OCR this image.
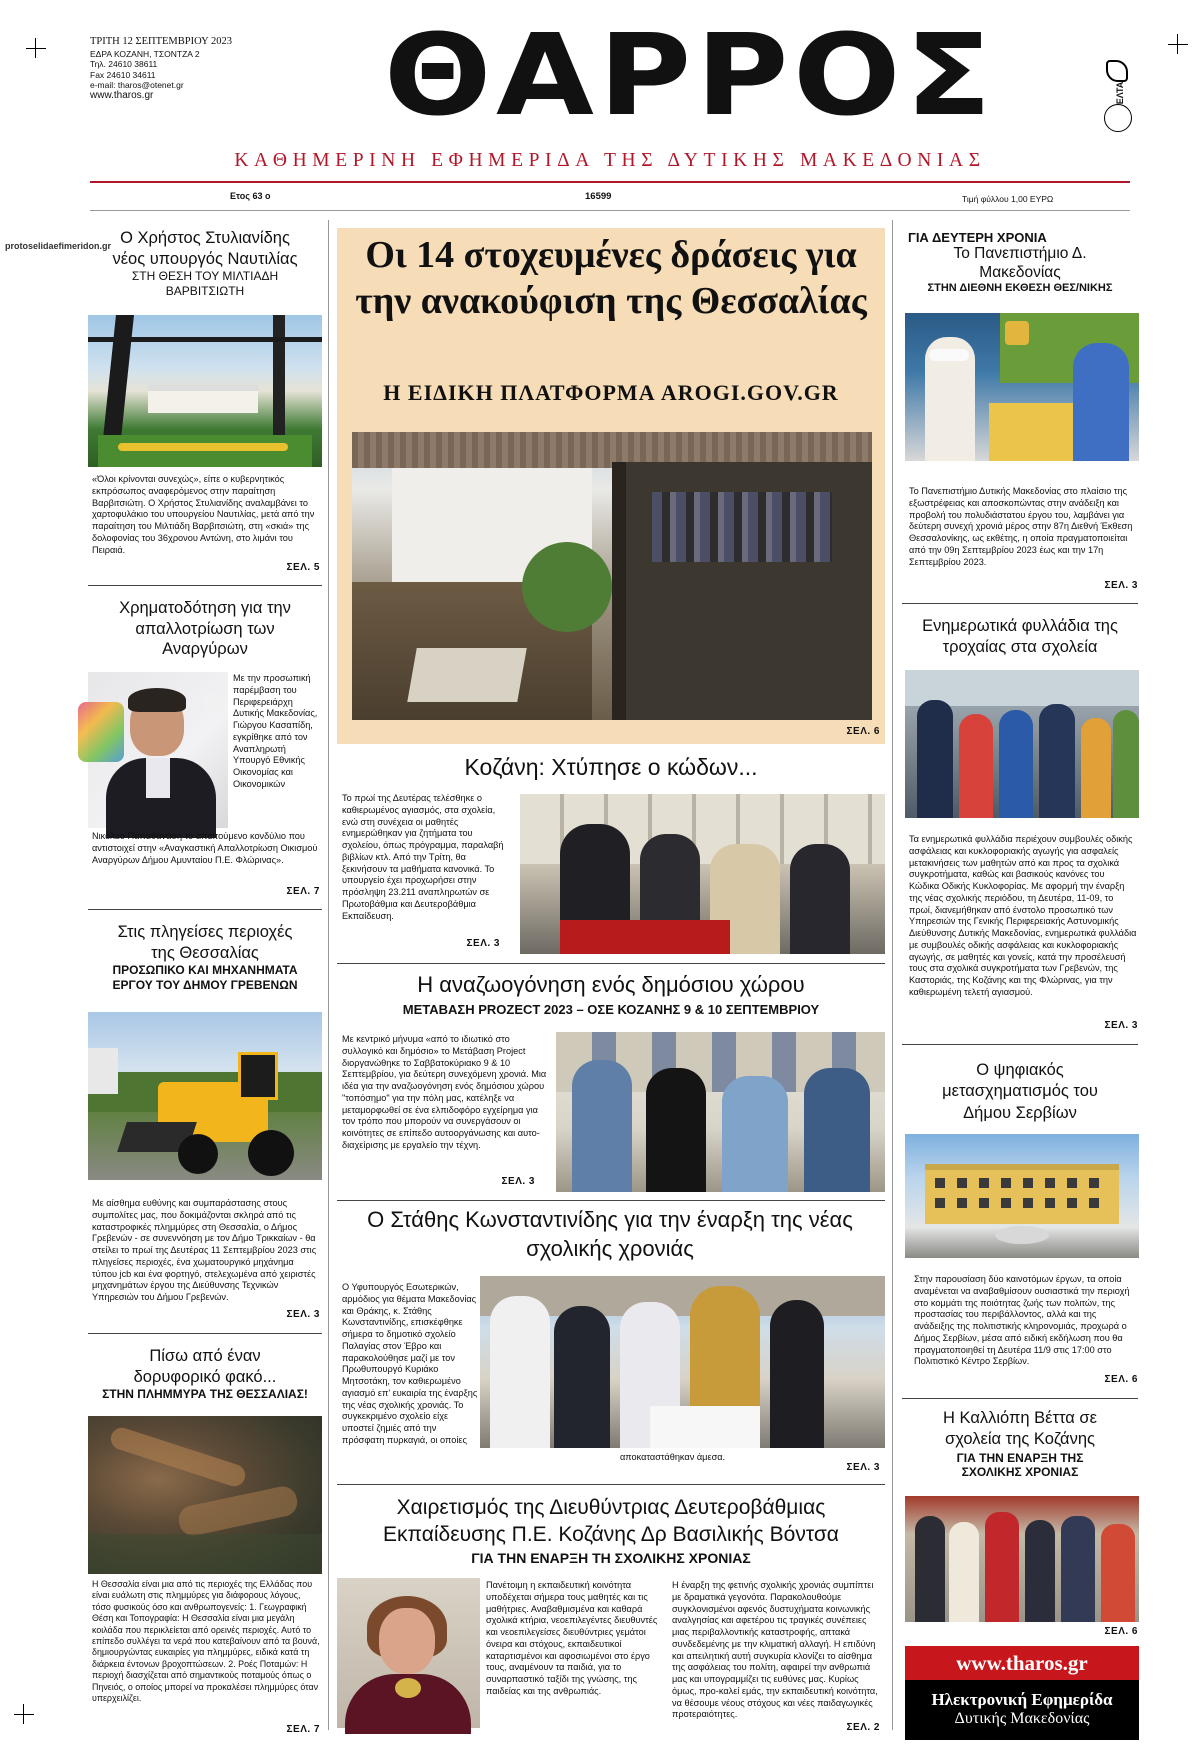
ΤΡΙΤΗ 12 ΣΕΠΤΕΜΒΡΙΟΥ 2023
ΕΔΡΑ ΚΟΖΑΝΗ, ΤΣΟΝΤΖΑ 2
Τηλ. 24610 38611
Fax 24610 34611
e-mail: tharos@otenet.gr
www.tharos.gr	ΘΑΡΡΟΣ	ΕΛΤΑ
ΚΑΘΗΜΕΡΙΝΗ ΕΦΗΜΕΡΙΔΑ ΤΗΣ ΔΥΤΙΚΗΣ ΜΑΚΕΔΟΝΙΑΣ
Ετος 63 ο	16599	Τιμή φύλλου 1,00 ΕΥΡΩ
protoselidaefimeridon.gr Ο Χρήστος Στυλιανίδης νέος υπουργός Ναυτιλίας
ΣΤΗ ΘΕΣΗ ΤΟΥ ΜΙΛΤΙΑΔΗ ΒΑΡΒΙΤΣΙΩΤΗ
«Όλοι κρίνονται συνεχώς», είπε ο κυβερνητικός εκπρόσωπος αναφερόμενος στην παραίτηση Βαρβιτσιώτη. Ο Χρήστος Στυλιανίδης αναλαμβάνει το χαρτοφυλάκιο του υπουργείου Ναυτιλίας, μετά από την παραίτηση του Μιλτιάδη Βαρβιτσιώτη, στη «σκιά» της δολοφονίας του 36χρονου Αντώνη, στο λιμάνι του Πειραιά.
ΣΕΛ. 5
Χρηματοδότηση για την απαλλοτρίωση των Αναργύρων
Με την προσωπική παρέμβαση του Περιφερειάρχη Δυτικής Μακεδονίας, Γιώργου Κασαπίδη, εγκρίθηκε από τον Αναπληρωτή Υπουργό Εθνικής Οικονομίας και Οικονομικών
Νικόλαο Παπαθανάση το απαιτούμενο κονδύλιο που αντιστοιχεί στην «Αναγκαστική Απαλλοτρίωση Οικισμού Αναργύρων Δήμου Αμυνταίου Π.Ε. Φλώρινας».
ΣΕΛ. 7
Στις πληγείσες περιοχές της Θεσσαλίας
ΠΡΟΣΩΠΙΚΟ ΚΑΙ ΜΗΧΑΝΗΜΑΤΑ ΕΡΓΟΥ ΤΟΥ ΔΗΜΟΥ ΓΡΕΒΕΝΩΝ
Με αίσθημα ευθύνης και συμπαράστασης στους συμπολίτες μας, που δοκιμάζονται σκληρά από τις καταστροφικές πλημμύρες στη Θεσσαλία, ο Δήμος Γρεβενών - σε συνεννόηση με τον Δήμο Τρικκαίων - θα στείλει το πρωί της Δευτέρας 11 Σεπτεμβρίου 2023 στις πληγείσες περιοχές, ένα χωματουργικό μηχάνημα τύπου jcb και ένα φορτηγό, στελεχωμένα από χειριστές μηχανημάτων έργου της Διεύθυνσης Τεχνικών Υπηρεσιών του Δήμου Γρεβενών.
ΣΕΛ. 3
Πίσω από έναν δορυφορικό φακό...
ΣΤΗΝ ΠΛΗΜΜΥΡΑ ΤΗΣ ΘΕΣΣΑΛΙΑΣ!
Η Θεσσαλία είναι μια από τις περιοχές της Ελλάδας που είναι ευάλωτη στις πλημμύρες για διάφορους λόγους, τόσο φυσικούς όσο και ανθρωπογενείς: 1. Γεωγραφική Θέση και Τοπογραφία: Η Θεσσαλία είναι μια μεγάλη κοιλάδα που περικλείεται από ορεινές περιοχές. Αυτό το επίπεδο συλλέγει τα νερά που κατεβαίνουν από τα βουνά, δημιουργώντας ευκαιρίες για πλημμύρες, ειδικά κατά τη διάρκεια έντονων βροχοπτώσεων. 2. Ροές Ποταμών: Η περιοχή διασχίζεται από σημαντικούς ποταμούς όπως ο Πηνειός, ο οποίος μπορεί να προκαλέσει πλημμύρες όταν υπερχειλίζει.
ΣΕΛ. 7
Οι 14 στοχευμένες δράσεις για την ανακούφιση της Θεσσαλίας
Η ΕΙΔΙΚΗ ΠΛΑΤΦΟΡΜΑ AROGI.GOV.GR
ΣΕΛ. 6
Κοζάνη: Χτύπησε ο κώδων...
Το πρωί της Δευτέρας τελέσθηκε ο καθιερωμένος αγιασμός, στα σχολεία, ενώ στη συνέχεια οι μαθητές ενημερώθηκαν για ζητήματα του σχολείου, όπως πρόγραμμα, παραλαβή βιβλίων κτλ. Από την Τρίτη, θα ξεκινήσουν τα μαθήματα κανονικά. Το υπουργείο έχει προχωρήσει στην πρόσληψη 23.211 αναπληρωτών σε Πρωτοβάθμια και Δευτεροβάθμια Εκπαίδευση.
ΣΕΛ. 3
Η αναζωογόνηση ενός δημόσιου χώρου
ΜΕΤΑΒΑΣΗ PROZECT 2023 – ΟΣΕ ΚΟΖΑΝΗΣ 9 & 10 ΣΕΠΤΕΜΒΡΙΟΥ
Με κεντρικό μήνυμα «από το ιδιωτικό στο συλλογικό και δημόσιο» το Μετάβαση Project διοργανώθηκε το Σαββατοκύριακο 9 & 10 Σεπτεμβρίου, για δεύτερη συνεχόμενη χρονιά. Μια ιδέα για την αναζωογόνηση ενός δημόσιου χώρου "τοπόσημο" για την πόλη μας, κατέληξε να μεταμορφωθεί σε ένα ελπιδοφόρο εγχείρημα για τον τρόπο που μπορούν να συνεργάσουν οι κοινότητες σε επίπεδο αυτοοργάνωσης και αυτο- διαχείρισης με εργαλείο την τέχνη.
ΣΕΛ. 3
Ο Στάθης Κωνσταντινίδης για την έναρξη της νέας σχολικής χρονιάς
Ο Υφυπουργός Εσωτερικών, αρμόδιος για θέματα Μακεδονίας και Θράκης, κ. Στάθης Κωνσταντινίδης, επισκέφθηκε σήμερα το δημοτικό σχολείο Παλαγίας στον Έβρο και παρακολούθησε μαζί με τον Πρωθυπουργό Κυριάκο Μητσοτάκη, τον καθιερωμένο αγιασμό επ' ευκαιρία της έναρξης της νέας σχολικής χρονιάς. Το συγκεκριμένο σχολείο είχε υποστεί ζημιές από την πρόσφατη πυρκαγιά, οι οποίες
αποκαταστάθηκαν άμεσα.
ΣΕΛ. 3
Χαιρετισμός της Διευθύντριας Δευτεροβάθμιας Εκπαίδευσης Π.Ε. Κοζάνης Δρ Βασιλικής Βόντσα
ΓΙΑ ΤΗΝ ΕΝΑΡΞΗ ΤΗ ΣΧΟΛΙΚΗΣ ΧΡΟΝΙΑΣ
Πανέτοιμη η εκπαιδευτική κοινότητα υποδέχεται σήμερα τους μαθητές και τις μαθήτριες. Αναβαθμισμένα και καθαρά σχολικά κτήρια, νεοεπιλεγέντες διευθυντές και νεοεπιλεγείσες διευθύντριες γεμάτοι όνειρα και στόχους, εκπαιδευτικοί καταρτισμένοι και αφοσιωμένοι στο έργο τους, αναμένουν τα παιδιά, για το συναρπαστικό ταξίδι της γνώσης, της παιδείας και της ανθρωπιάς.
Η έναρξη της φετινής σχολικής χρονιάς συμπίπτει με δραματικά γεγονότα. Παρακολουθούμε συγκλονισμένοι αφενός δυστυχήματα κοινωνικής αναλγησίας και αφετέρου τις τραγικές συνέπειες μιας περιβαλλοντικής καταστροφής, απτακά συνδεδεμένης με την κλιματική αλλαγή. Η επιδύνη και απειλητική αυτή συγκυρία κλονίζει το αίσθημα της ασφάλειας του πολίτη, αφαιρεί την ανθρωπιά μας και υπογραμμίζει τις ευθύνες μας. Κυρίως όμως, προ-καλεί εμάς, την εκπαιδευτική κοινότητα, να θέσουμε νέους στόχους και νέες παιδαγωγικές προτεραιότητες.
ΣΕΛ. 2
ΓΙΑ ΔΕΥΤΕΡΗ ΧΡΟΝΙΑ
Το Πανεπιστήμιο Δ. Μακεδονίας
ΣΤΗΝ ΔΙΕΘΝΗ ΕΚΘΕΣΗ ΘΕΣ/ΝΙΚΗΣ
Το Πανεπιστήμιο Δυτικής Μακεδονίας στο πλαίσιο της εξωστρέφειας και αποσκοπώντας στην ανάδειξη και προβολή του πολυδιάστατου έργου του, λαμβάνει για δεύτερη συνεχή χρονιά μέρος στην 87η Διεθνή Έκθεση Θεσσαλονίκης, ως εκθέτης, η οποία πραγματοποιείται από την 09η Σεπτεμβρίου 2023 έως και την 17η Σεπτεμβρίου 2023.
ΣΕΛ. 3
Ενημερωτικά φυλλάδια της τροχαίας στα σχολεία
Τα ενημερωτικά φυλλάδια περιέχουν συμβουλές οδικής ασφάλειας και κυκλοφοριακής αγωγής για ασφαλείς μετακινήσεις των μαθητών από και προς τα σχολικά συγκροτήματα, καθώς και βασικούς κανόνες του Κώδικα Οδικής Κυκλοφορίας. Με αφορμή την έναρξη της νέας σχολικής περιόδου, τη Δευτέρα, 11-09, το πρωί, διανεμήθηκαν από ένστολο προσωπικό των Υπηρεσιών της Γενικής Περιφερειακής Αστυνομικής Διεύθυνσης Δυτικής Μακεδονίας, ενημερωτικά φυλλάδια με συμβουλές οδικής ασφάλειας και κυκλοφοριακής αγωγής, σε μαθητές και γονείς, κατά την προσέλευσή τους στα σχολικά συγκροτήματα των Γρεβενών, της Καστοριάς, της Κοζάνης και της Φλώρινας, για την καθιερωμένη τελετή αγιασμού.
ΣΕΛ. 3
Ο ψηφιακός μετασχηματισμός του Δήμου Σερβίων
Στην παρουσίαση δύο καινοτόμων έργων, τα οποία αναμένεται να αναβαθμίσουν ουσιαστικά την περιοχή στο κομμάτι της ποιότητας ζωής των πολιτών, της προστασίας του περιβάλλοντος, αλλά και της ανάδειξης της πολιτιστικής κληρονομιάς, προχωρά ο Δήμος Σερβίων, μέσα από ειδική εκδήλωση που θα πραγματοποιηθεί τη Δευτέρα 11/9 στις 17:00 στο Πολιτιστικό Κέντρο Σερβίων.
ΣΕΛ. 6
Η Καλλιόπη Βέττα σε σχολεία της Κοζάνης
ΓΙΑ ΤΗΝ ΕΝΑΡΞΗ ΤΗΣ ΣΧΟΛΙΚΗΣ ΧΡΟΝΙΑΣ
ΣΕΛ. 6
www.tharos.gr
Ηλεκτρονική Εφημερίδα
Δυτικής Μακεδονίας
